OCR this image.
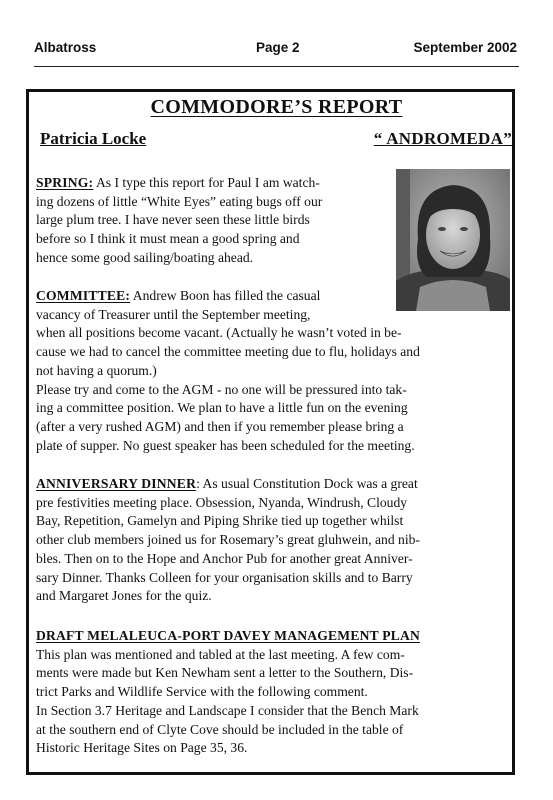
Albatross	Page 2	September 2002
COMMODORE’S REPORT
Patricia Locke	“ ANDROMEDA”
SPRING: As I type this report for Paul I am watch-
ing dozens of little “White Eyes” eating bugs off our
large plum tree. I have never seen these little birds
before so I think it must mean a good spring and
hence some good sailing/boating ahead.
COMMITTEE: Andrew Boon has filled the casual
vacancy of Treasurer until the September meeting,
when all positions become vacant. (Actually he wasn’t voted in be-
cause we had to cancel the committee meeting due to flu, holidays and
not having a quorum.)
Please try and come to the AGM - no one will be pressured into tak-
ing a committee position. We plan to have a little fun on the evening
(after a very rushed AGM) and then if you remember please bring a
plate of supper. No guest speaker has been scheduled for the meeting.
ANNIVERSARY DINNER: As usual Constitution Dock was a great
pre festivities meeting place. Obsession, Nyanda, Windrush, Cloudy
Bay, Repetition, Gamelyn and Piping Shrike tied up together whilst
other club members joined us for Rosemary’s great gluhwein, and nib-
bles. Then on to the Hope and Anchor Pub for another great Anniver-
sary Dinner. Thanks Colleen for your organisation skills and to Barry
and Margaret Jones for the quiz.
DRAFT MELALEUCA-PORT DAVEY MANAGEMENT PLAN
This plan was mentioned and tabled at the last meeting. A few com-
ments were made but Ken Newham sent a letter to the Southern, Dis-
trict Parks and Wildlife Service with the following comment.
In Section 3.7 Heritage and Landscape I consider that the Bench Mark
at the southern end of Clyte Cove should be included in the table of
Historic Heritage Sites on Page 35, 36.
